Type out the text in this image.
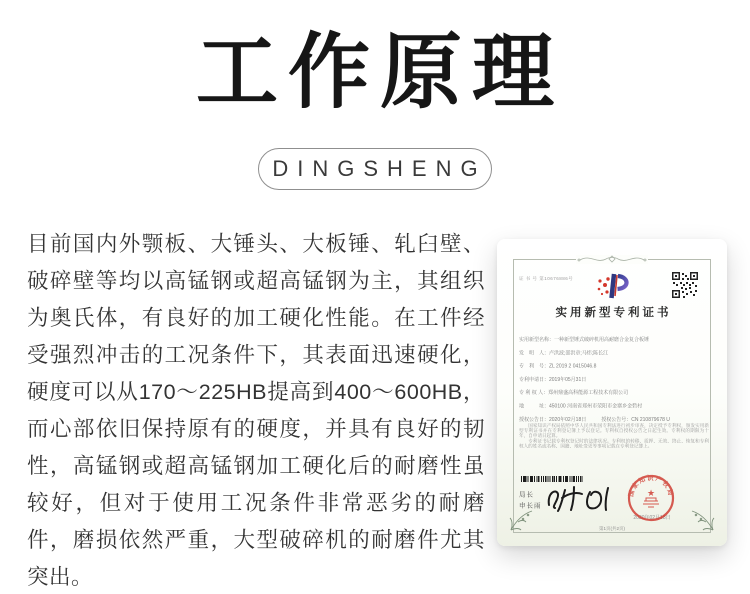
工作原理
DINGSHENG
目前国内外颚板、大锤头、大板锤、轧臼壁、破碎壁等均以高锰钢或超高锰钢为主，其组织为奥氏体，有良好的加工硬化性能。在工件经受强烈冲击的工况条件下，其表面迅速硬化，硬度可以从170～225HB提高到400～600HB，而心部依旧保持原有的硬度，并具有良好的韧性，高锰钢或超高锰钢加工硬化后的耐磨性虽较好，但对于使用工况条件非常恶劣的耐磨件，磨损依然严重，大型破碎机的耐磨件尤其突出。
证 书 号 第10676886号
实用新型专利证书
实用新型名称：一种新型锤式破碎机用高耐磨合金复合板锤
发　明　人：卢洪波;邵洪章;马炜;陈长江
专　利　号：ZL 2019 2 0415046.8
专利申请日：2019年05月31日
专 利 权 人：郑州鼎盛高科能源工程技术有限公司
地　　　址：450100 河南省郑州市荥阳市金寨乡金砦村
授权公告日：2020年02月18日　　　授权公告号：CN 210879678 U

国家知识产权局依照中华人民共和国专利法进行初步审查，决定授予专利权，颁发实用新型专利证书并在专利登记簿上予以登记。专利权自授权公告之日起生效。专利权的期限为十年，自申请日起算。

专利证书记载专利权登记时的法律状况。专利权的转移、质押、无效、终止、恢复和专利权人的姓名或名称、国籍、地址变更等事项记载在专利登记簿上。

局长
申长雨
2020年02月18日
国家知识产权局
★
第1页(共2页)
